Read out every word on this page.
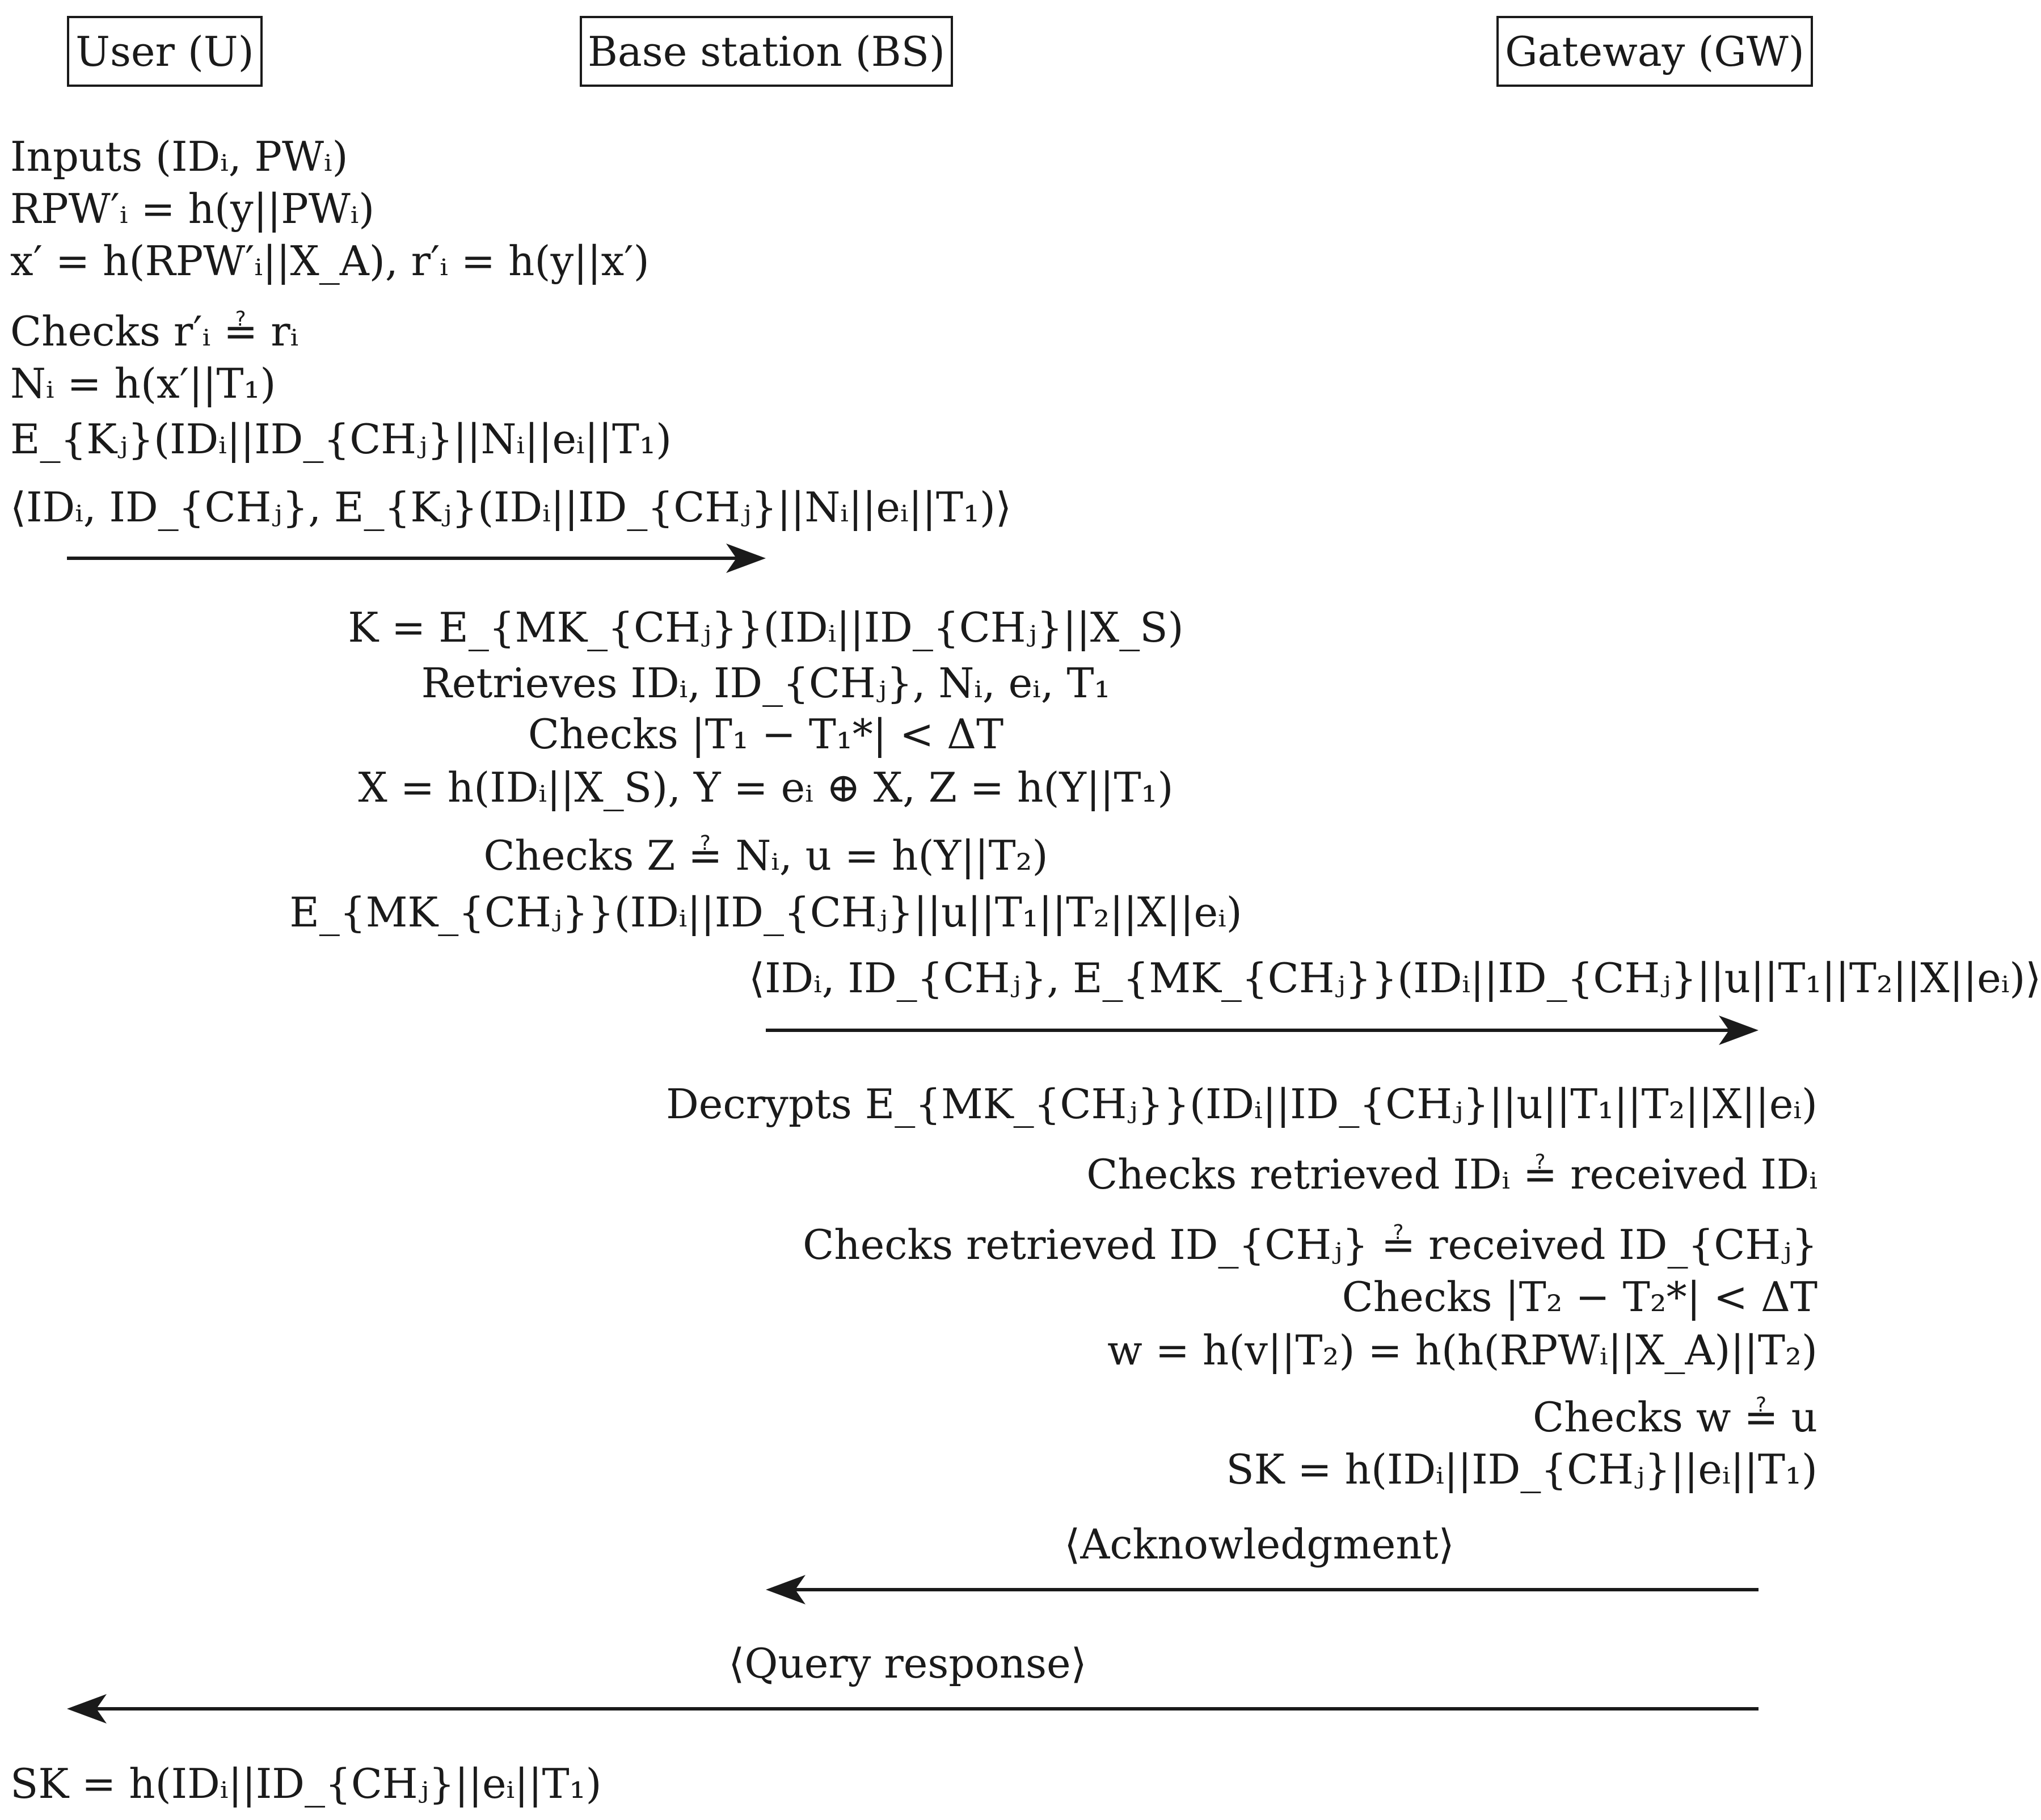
User (U)	Base station (BS)	Gateway (GW)
Inputs (IDᵢ, PWᵢ)
RPW′ᵢ = h(y||PWᵢ)
x′ = h(RPW′ᵢ||X_A), r′ᵢ = h(y||x′)
Checks r′ᵢ ≟ rᵢ
Nᵢ = h(x′||T₁)
E_{Kⱼ}(IDᵢ||ID_{CHⱼ}||Nᵢ||eᵢ||T₁)
⟨IDᵢ, ID_{CHⱼ}, E_{Kⱼ}(IDᵢ||ID_{CHⱼ}||Nᵢ||eᵢ||T₁)⟩
K = E_{MK_{CHⱼ}}(IDᵢ||ID_{CHⱼ}||X_S)
Retrieves IDᵢ, ID_{CHⱼ}, Nᵢ, eᵢ, T₁
Checks |T₁ − T₁*| < ΔT
X = h(IDᵢ||X_S), Y = eᵢ ⊕ X, Z = h(Y||T₁)
Checks Z ≟ Nᵢ, u = h(Y||T₂)
E_{MK_{CHⱼ}}(IDᵢ||ID_{CHⱼ}||u||T₁||T₂||X||eᵢ)
⟨IDᵢ, ID_{CHⱼ}, E_{MK_{CHⱼ}}(IDᵢ||ID_{CHⱼ}||u||T₁||T₂||X||eᵢ)⟩
Decrypts E_{MK_{CHⱼ}}(IDᵢ||ID_{CHⱼ}||u||T₁||T₂||X||eᵢ)
Checks retrieved IDᵢ ≟ received IDᵢ
Checks retrieved ID_{CHⱼ} ≟ received ID_{CHⱼ}
Checks |T₂ − T₂*| < ΔT
w = h(v||T₂) = h(h(RPWᵢ||X_A)||T₂)
Checks w ≟ u
SK = h(IDᵢ||ID_{CHⱼ}||eᵢ||T₁)
⟨Acknowledgment⟩
⟨Query response⟩
SK = h(IDᵢ||ID_{CHⱼ}||eᵢ||T₁)
